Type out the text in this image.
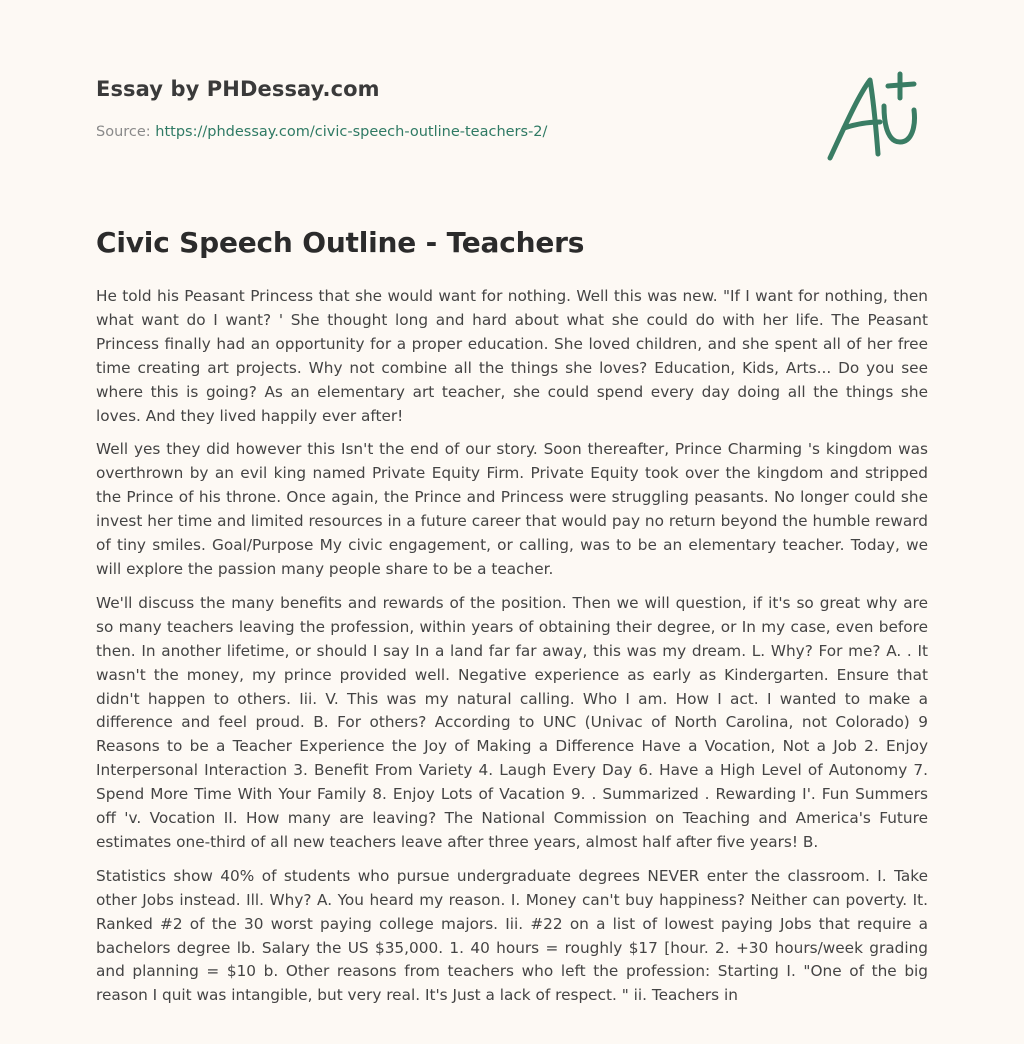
Essay by PHDessay.com
Source: https://phdessay.com/civic-speech-outline-teachers-2/
Civic Speech Outline - Teachers

He told his Peasant Princess that she would want for nothing. Well this was new. "If I want for nothing, then what want do I want? ' She thought long and hard about what she could do with her life. The Peasant Princess finally had an opportunity for a proper education. She loved children, and she spent all of her free time creating art projects. Why not combine all the things she loves? Education, Kids, Arts... Do you see where this is going? As an elementary art teacher, she could spend every day doing all the things she loves. And they lived happily ever after!

Well yes they did however this Isn't the end of our story. Soon thereafter, Prince Charming 's kingdom was overthrown by an evil king named Private Equity Firm. Private Equity took over the kingdom and stripped the Prince of his throne. Once again, the Prince and Princess were struggling peasants. No longer could she invest her time and limited resources in a future career that would pay no return beyond the humble reward of tiny smiles. Goal/Purpose My civic engagement, or calling, was to be an elementary teacher. Today, we will explore the passion many people share to be a teacher.

We'll discuss the many benefits and rewards of the position. Then we will question, if it's so great why are so many teachers leaving the profession, within years of obtaining their degree, or In my case, even before then. In another lifetime, or should I say In a land far far away, this was my dream. L. Why? For me? A. . It wasn't the money, my prince provided well. Negative experience as early as Kindergarten. Ensure that didn't happen to others. Iii. V. This was my natural calling. Who I am. How I act. I wanted to make a difference and feel proud. B. For others? According to UNC (Univac of North Carolina, not Colorado) 9 Reasons to be a Teacher Experience the Joy of Making a Difference Have a Vocation, Not a Job 2. Enjoy Interpersonal Interaction 3. Benefit From Variety 4. Laugh Every Day 6. Have a High Level of Autonomy 7. Spend More Time With Your Family 8. Enjoy Lots of Vacation 9. . Summarized . Rewarding I'. Fun Summers off 'v. Vocation II. How many are leaving? The National Commission on Teaching and America's Future estimates one-third of all new teachers leave after three years, almost half after five years! B.

Statistics show 40% of students who pursue undergraduate degrees NEVER enter the classroom. I. Take other Jobs instead. Ill. Why? A. You heard my reason. I. Money can't buy happiness? Neither can poverty. It. Ranked #2 of the 30 worst paying college majors. Iii. #22 on a list of lowest paying Jobs that require a bachelors degree lb. Salary the US $35,000. 1. 40 hours = roughly $17 [hour. 2. +30 hours/week grading and planning = $10 b. Other reasons from teachers who left the profession: Starting I. "One of the big reason I quit was intangible, but very real. It's Just a lack of respect. " ii. Teachers in
